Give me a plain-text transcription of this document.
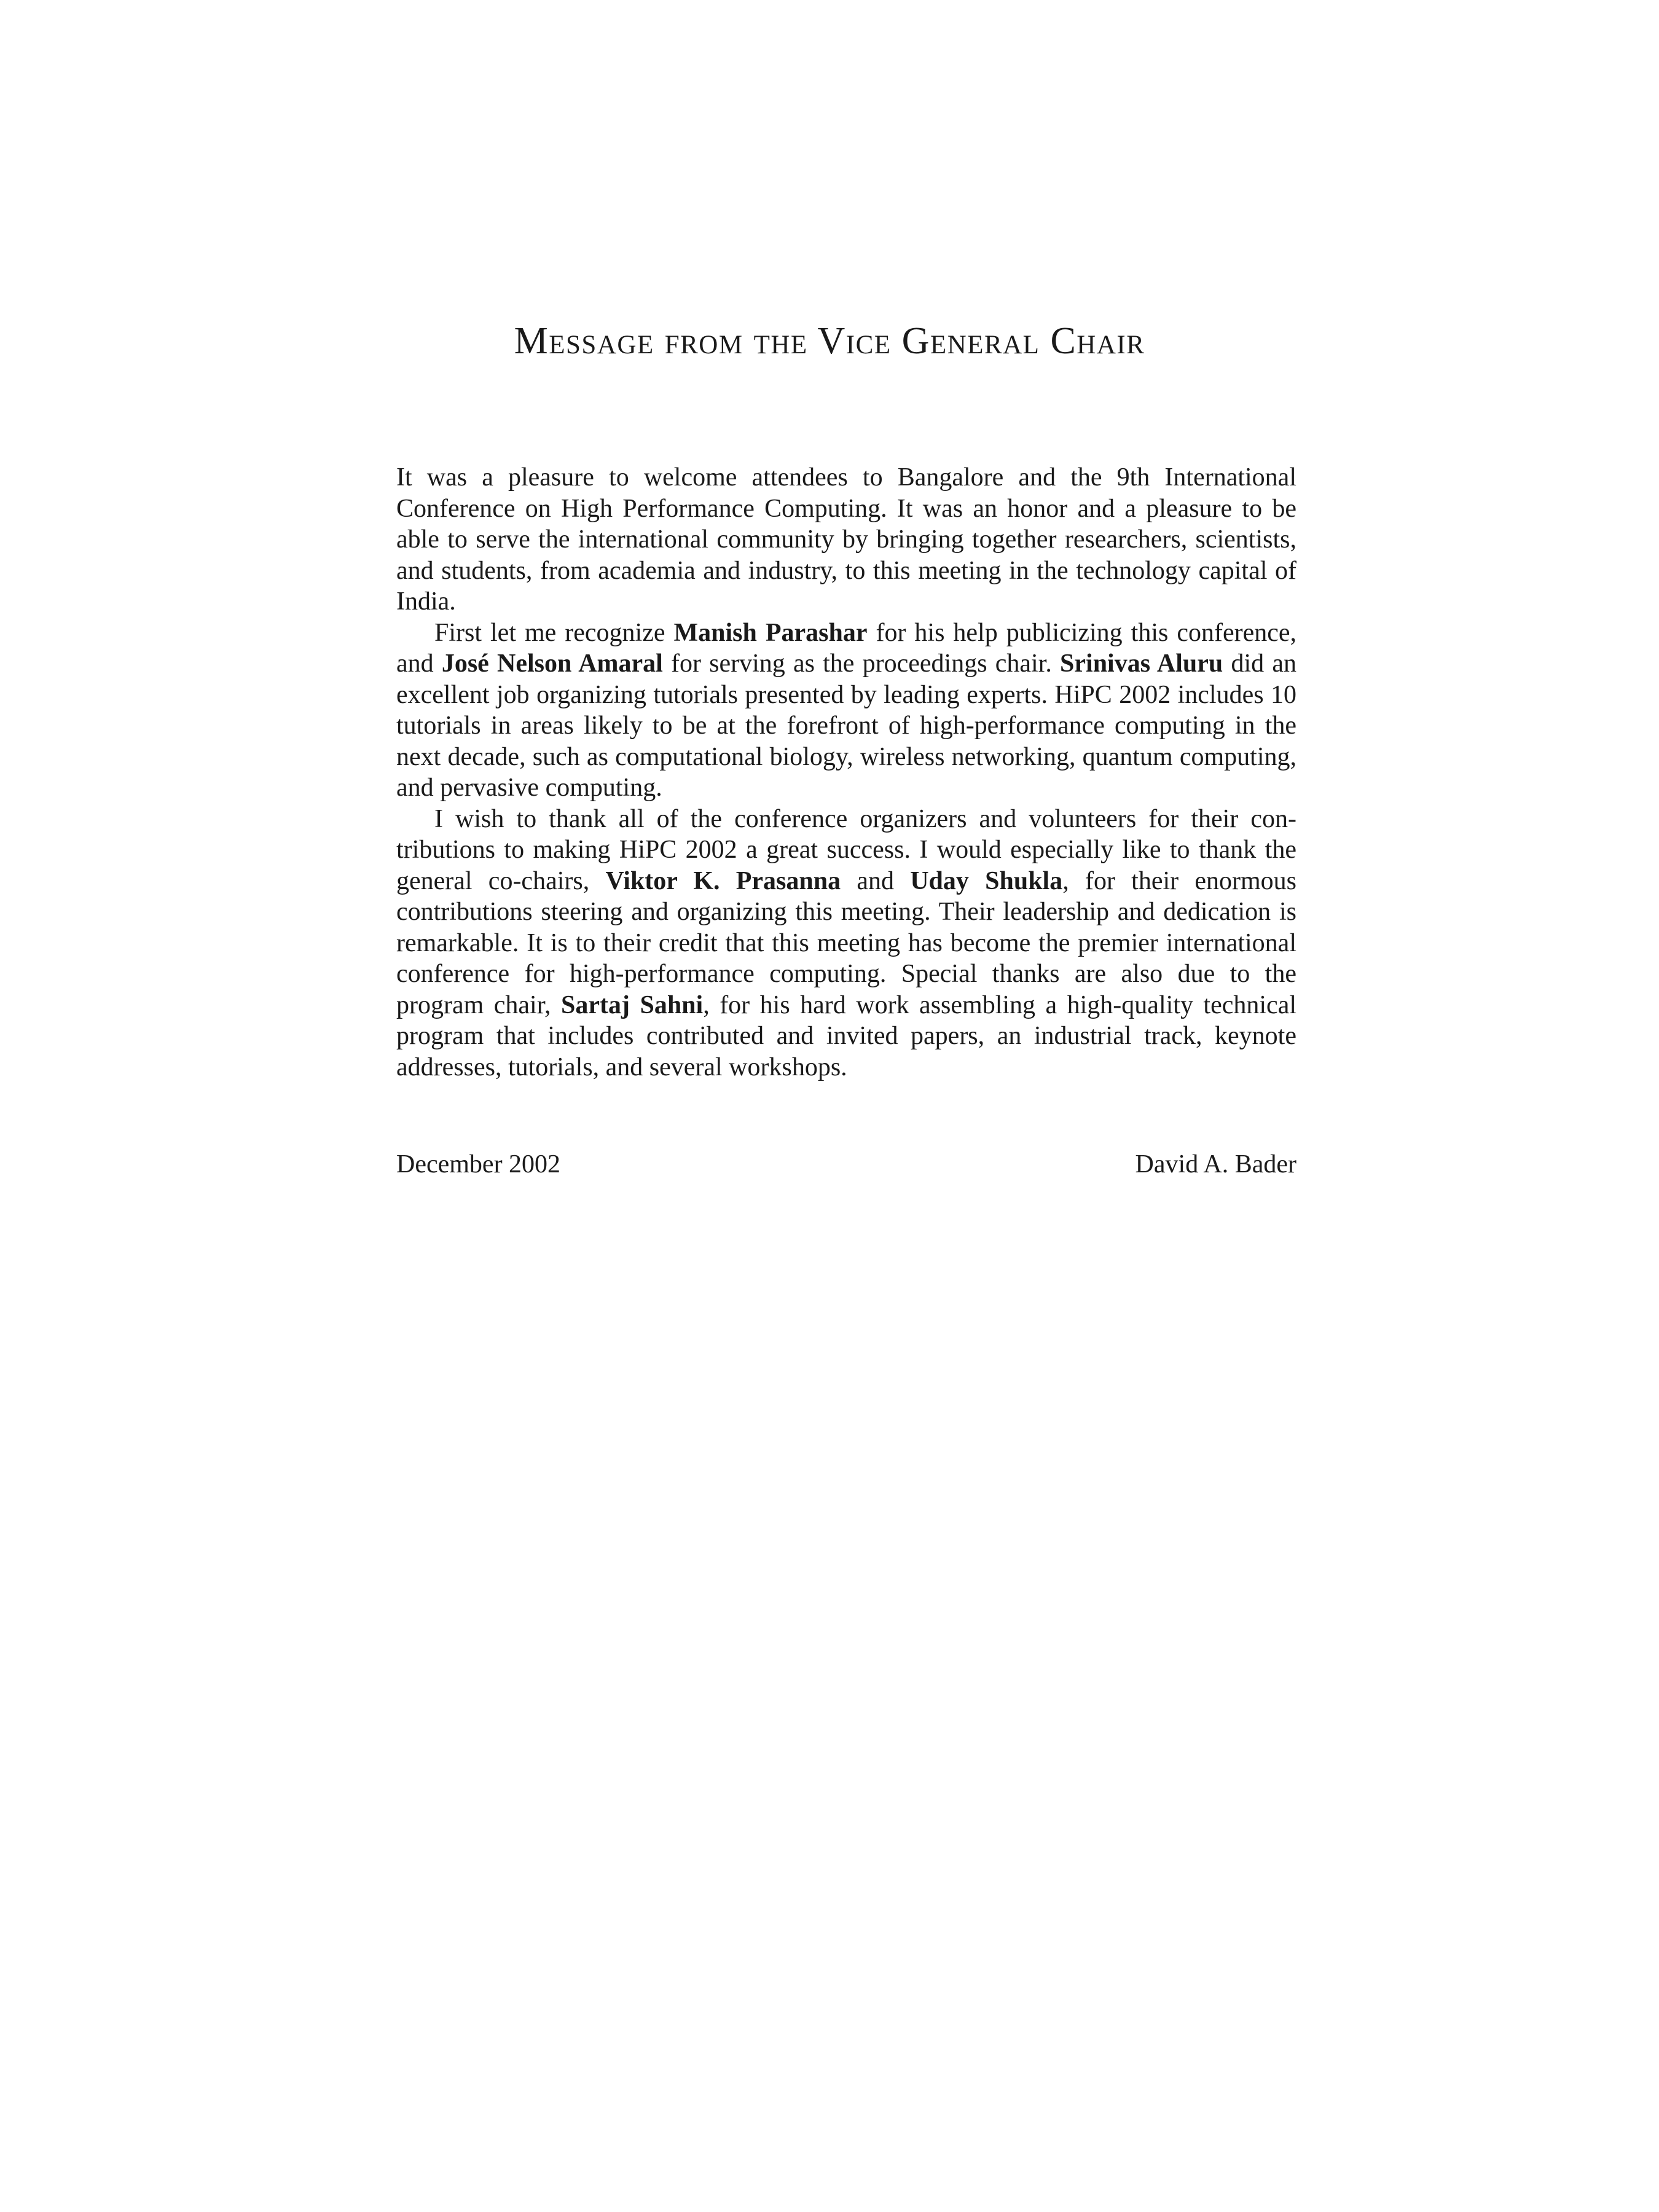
Message from the Vice General Chair

It was a pleasure to welcome attendees to Bangalore and the 9th International Conference on High Performance Computing. It was an honor and a pleasure to be able to serve the international community by bringing together researchers, scientists, and students, from academia and industry, to this meeting in the technology capital of India.

First let me recognize Manish Parashar for his help publicizing this conference, and José Nelson Amaral for serving as the proceedings chair. Srinivas Aluru did an excellent job organizing tutorials presented by leading experts. HiPC 2002 includes 10 tutorials in areas likely to be at the forefront of high-performance computing in the next decade, such as computational biology, wireless networking, quantum computing, and pervasive computing.

I wish to thank all of the conference organizers and volunteers for their contributions to making HiPC 2002 a great success. I would especially like to thank the general co-chairs, Viktor K. Prasanna and Uday Shukla, for their enormous contributions steering and organizing this meeting. Their leadership and dedication is remarkable. It is to their credit that this meeting has become the premier international conference for high-performance computing. Special thanks are also due to the program chair, Sartaj Sahni, for his hard work assembling a high-quality technical program that includes contributed and invited papers, an industrial track, keynote addresses, tutorials, and several workshops.

December 2002	David A. Bader
